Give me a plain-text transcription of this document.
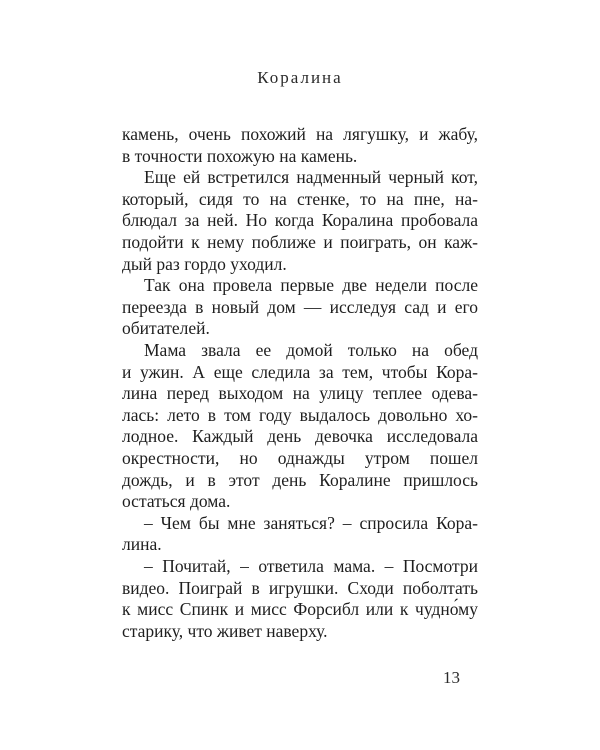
Коралина
камень, очень похожий на лягушку, и жабу,
в точности похожую на камень.
Еще ей встретился надменный черный кот,
который, сидя то на стенке, то на пне, на-
блюдал за ней. Но когда Коралина пробовала
подойти к нему поближе и поиграть, он каж-
дый раз гордо уходил.
Так она провела первые две недели после
переезда в новый дом — исследуя сад и его
обитателей.
Мама звала ее домой только на обед
и ужин. А еще следила за тем, чтобы Кора-
лина перед выходом на улицу теплее одева-
лась: лето в том году выдалось довольно хо-
лодное. Каждый день девочка исследовала
окрестности, но однажды утром пошел
дождь, и в этот день Коралине пришлось
остаться дома.
– Чем бы мне заняться? – спросила Кора-
лина.
– Почитай, – ответила мама. – Посмотри
видео. Поиграй в игрушки. Сходи поболтать
к мисс Спинк и мисс Форсибл или к чудно́му
старику, что живет наверху.
13
